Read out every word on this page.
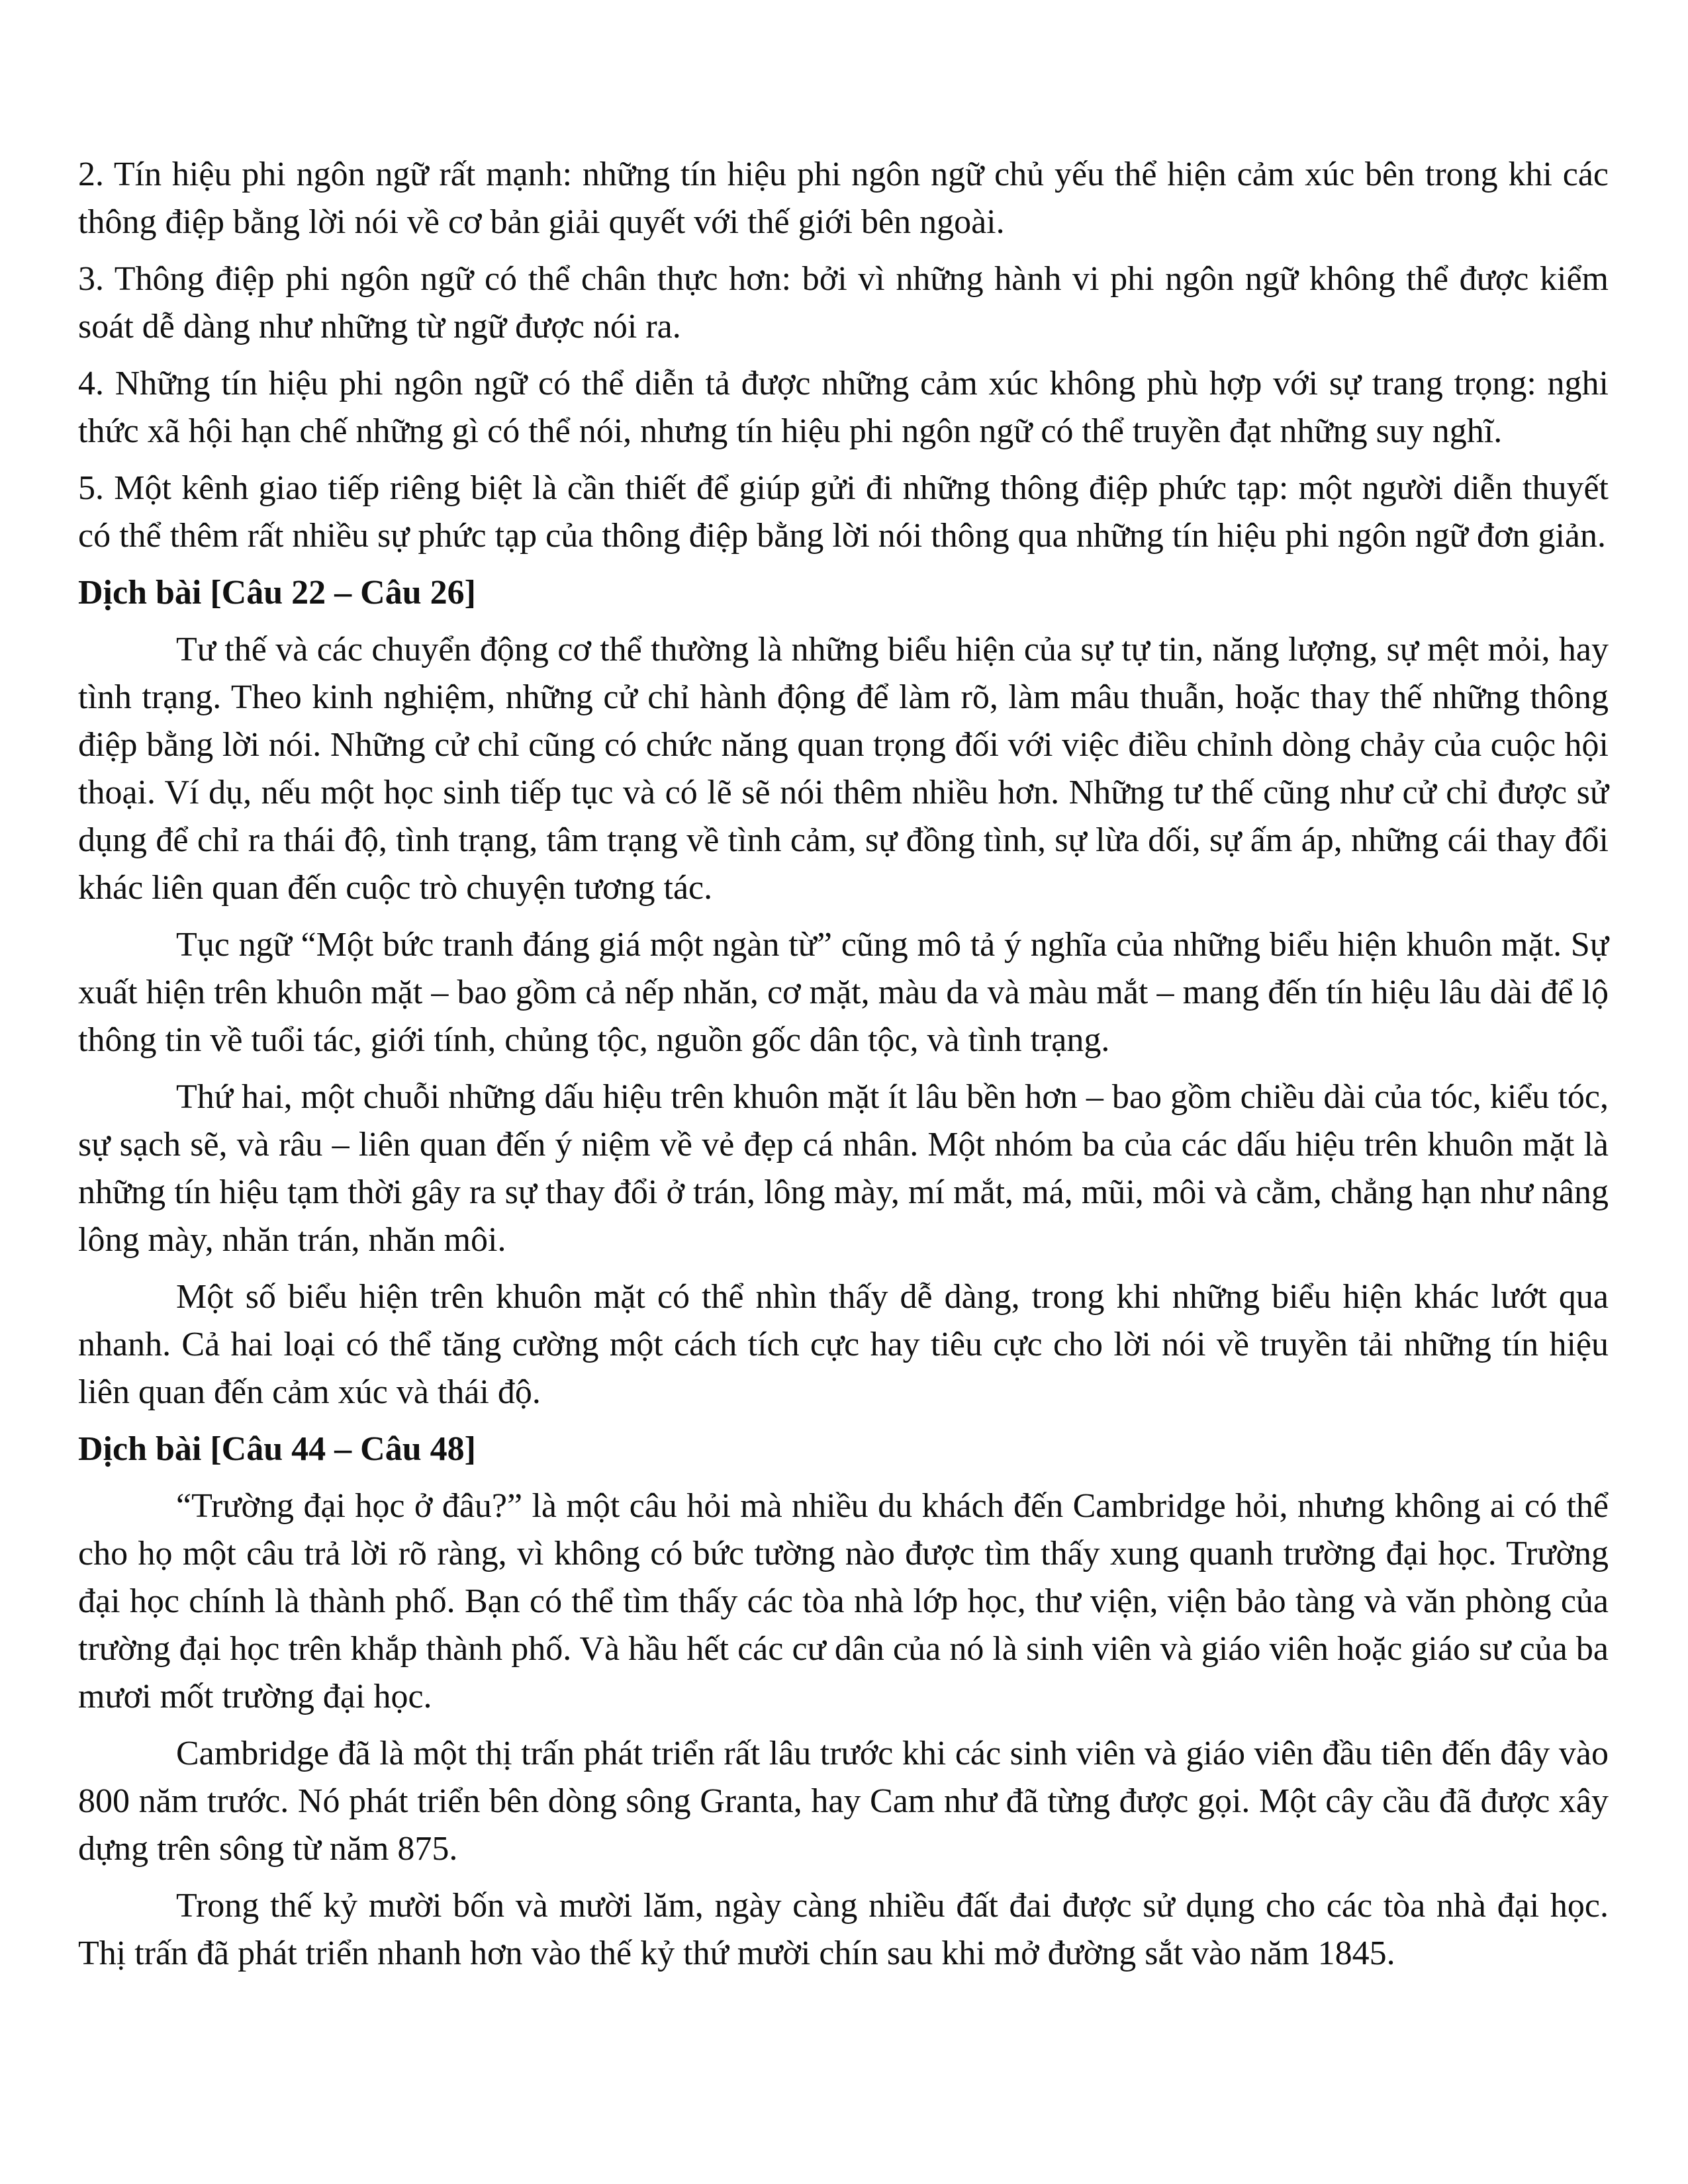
2. Tín hiệu phi ngôn ngữ rất mạnh: những tín hiệu phi ngôn ngữ chủ yếu thể hiện cảm xúc bên trong khi các thông điệp bằng lời nói về cơ bản giải quyết với thế giới bên ngoài.

3. Thông điệp phi ngôn ngữ có thể chân thực hơn: bởi vì những hành vi phi ngôn ngữ không thể được kiểm soát dễ dàng như những từ ngữ được nói ra.

4. Những tín hiệu phi ngôn ngữ có thể diễn tả được những cảm xúc không phù hợp với sự trang trọng: nghi thức xã hội hạn chế những gì có thể nói, nhưng tín hiệu phi ngôn ngữ có thể truyền đạt những suy nghĩ.

5. Một kênh giao tiếp riêng biệt là cần thiết để giúp gửi đi những thông điệp phức tạp: một người diễn thuyết có thể thêm rất nhiều sự phức tạp của thông điệp bằng lời nói thông qua những tín hiệu phi ngôn ngữ đơn giản.

Dịch bài [Câu 22 – Câu 26]

Tư thế và các chuyển động cơ thể thường là những biểu hiện của sự tự tin, năng lượng, sự mệt mỏi, hay tình trạng. Theo kinh nghiệm, những cử chỉ hành động để làm rõ, làm mâu thuẫn, hoặc thay thế những thông điệp bằng lời nói. Những cử chỉ cũng có chức năng quan trọng đối với việc điều chỉnh dòng chảy của cuộc hội thoại. Ví dụ, nếu một học sinh tiếp tục và có lẽ sẽ nói thêm nhiều hơn. Những tư thế cũng như cử chỉ được sử dụng để chỉ ra thái độ, tình trạng, tâm trạng về tình cảm, sự đồng tình, sự lừa dối, sự ấm áp, những cái thay đổi khác liên quan đến cuộc trò chuyện tương tác.

Tục ngữ “Một bức tranh đáng giá một ngàn từ” cũng mô tả ý nghĩa của những biểu hiện khuôn mặt. Sự xuất hiện trên khuôn mặt – bao gồm cả nếp nhăn, cơ mặt, màu da và màu mắt – mang đến tín hiệu lâu dài để lộ thông tin về tuổi tác, giới tính, chủng tộc, nguồn gốc dân tộc, và tình trạng.

Thứ hai, một chuỗi những dấu hiệu trên khuôn mặt ít lâu bền hơn – bao gồm chiều dài của tóc, kiểu tóc, sự sạch sẽ, và râu – liên quan đến ý niệm về vẻ đẹp cá nhân. Một nhóm ba của các dấu hiệu trên khuôn mặt là những tín hiệu tạm thời gây ra sự thay đổi ở trán, lông mày, mí mắt, má, mũi, môi và cằm, chẳng hạn như nâng lông mày, nhăn trán, nhăn môi.

Một số biểu hiện trên khuôn mặt có thể nhìn thấy dễ dàng, trong khi những biểu hiện khác lướt qua nhanh. Cả hai loại có thể tăng cường một cách tích cực hay tiêu cực cho lời nói về truyền tải những tín hiệu liên quan đến cảm xúc và thái độ.

Dịch bài [Câu 44 – Câu 48]

“Trường đại học ở đâu?” là một câu hỏi mà nhiều du khách đến Cambridge hỏi, nhưng không ai có thể cho họ một câu trả lời rõ ràng, vì không có bức tường nào được tìm thấy xung quanh trường đại học. Trường đại học chính là thành phố. Bạn có thể tìm thấy các tòa nhà lớp học, thư viện, viện bảo tàng và văn phòng của trường đại học trên khắp thành phố. Và hầu hết các cư dân của nó là sinh viên và giáo viên hoặc giáo sư của ba mươi mốt trường đại học.

Cambridge đã là một thị trấn phát triển rất lâu trước khi các sinh viên và giáo viên đầu tiên đến đây vào 800 năm trước. Nó phát triển bên dòng sông Granta, hay Cam như đã từng được gọi. Một cây cầu đã được xây dựng trên sông từ năm 875.

Trong thế kỷ mười bốn và mười lăm, ngày càng nhiều đất đai được sử dụng cho các tòa nhà đại học. Thị trấn đã phát triển nhanh hơn vào thế kỷ thứ mười chín sau khi mở đường sắt vào năm 1845.
